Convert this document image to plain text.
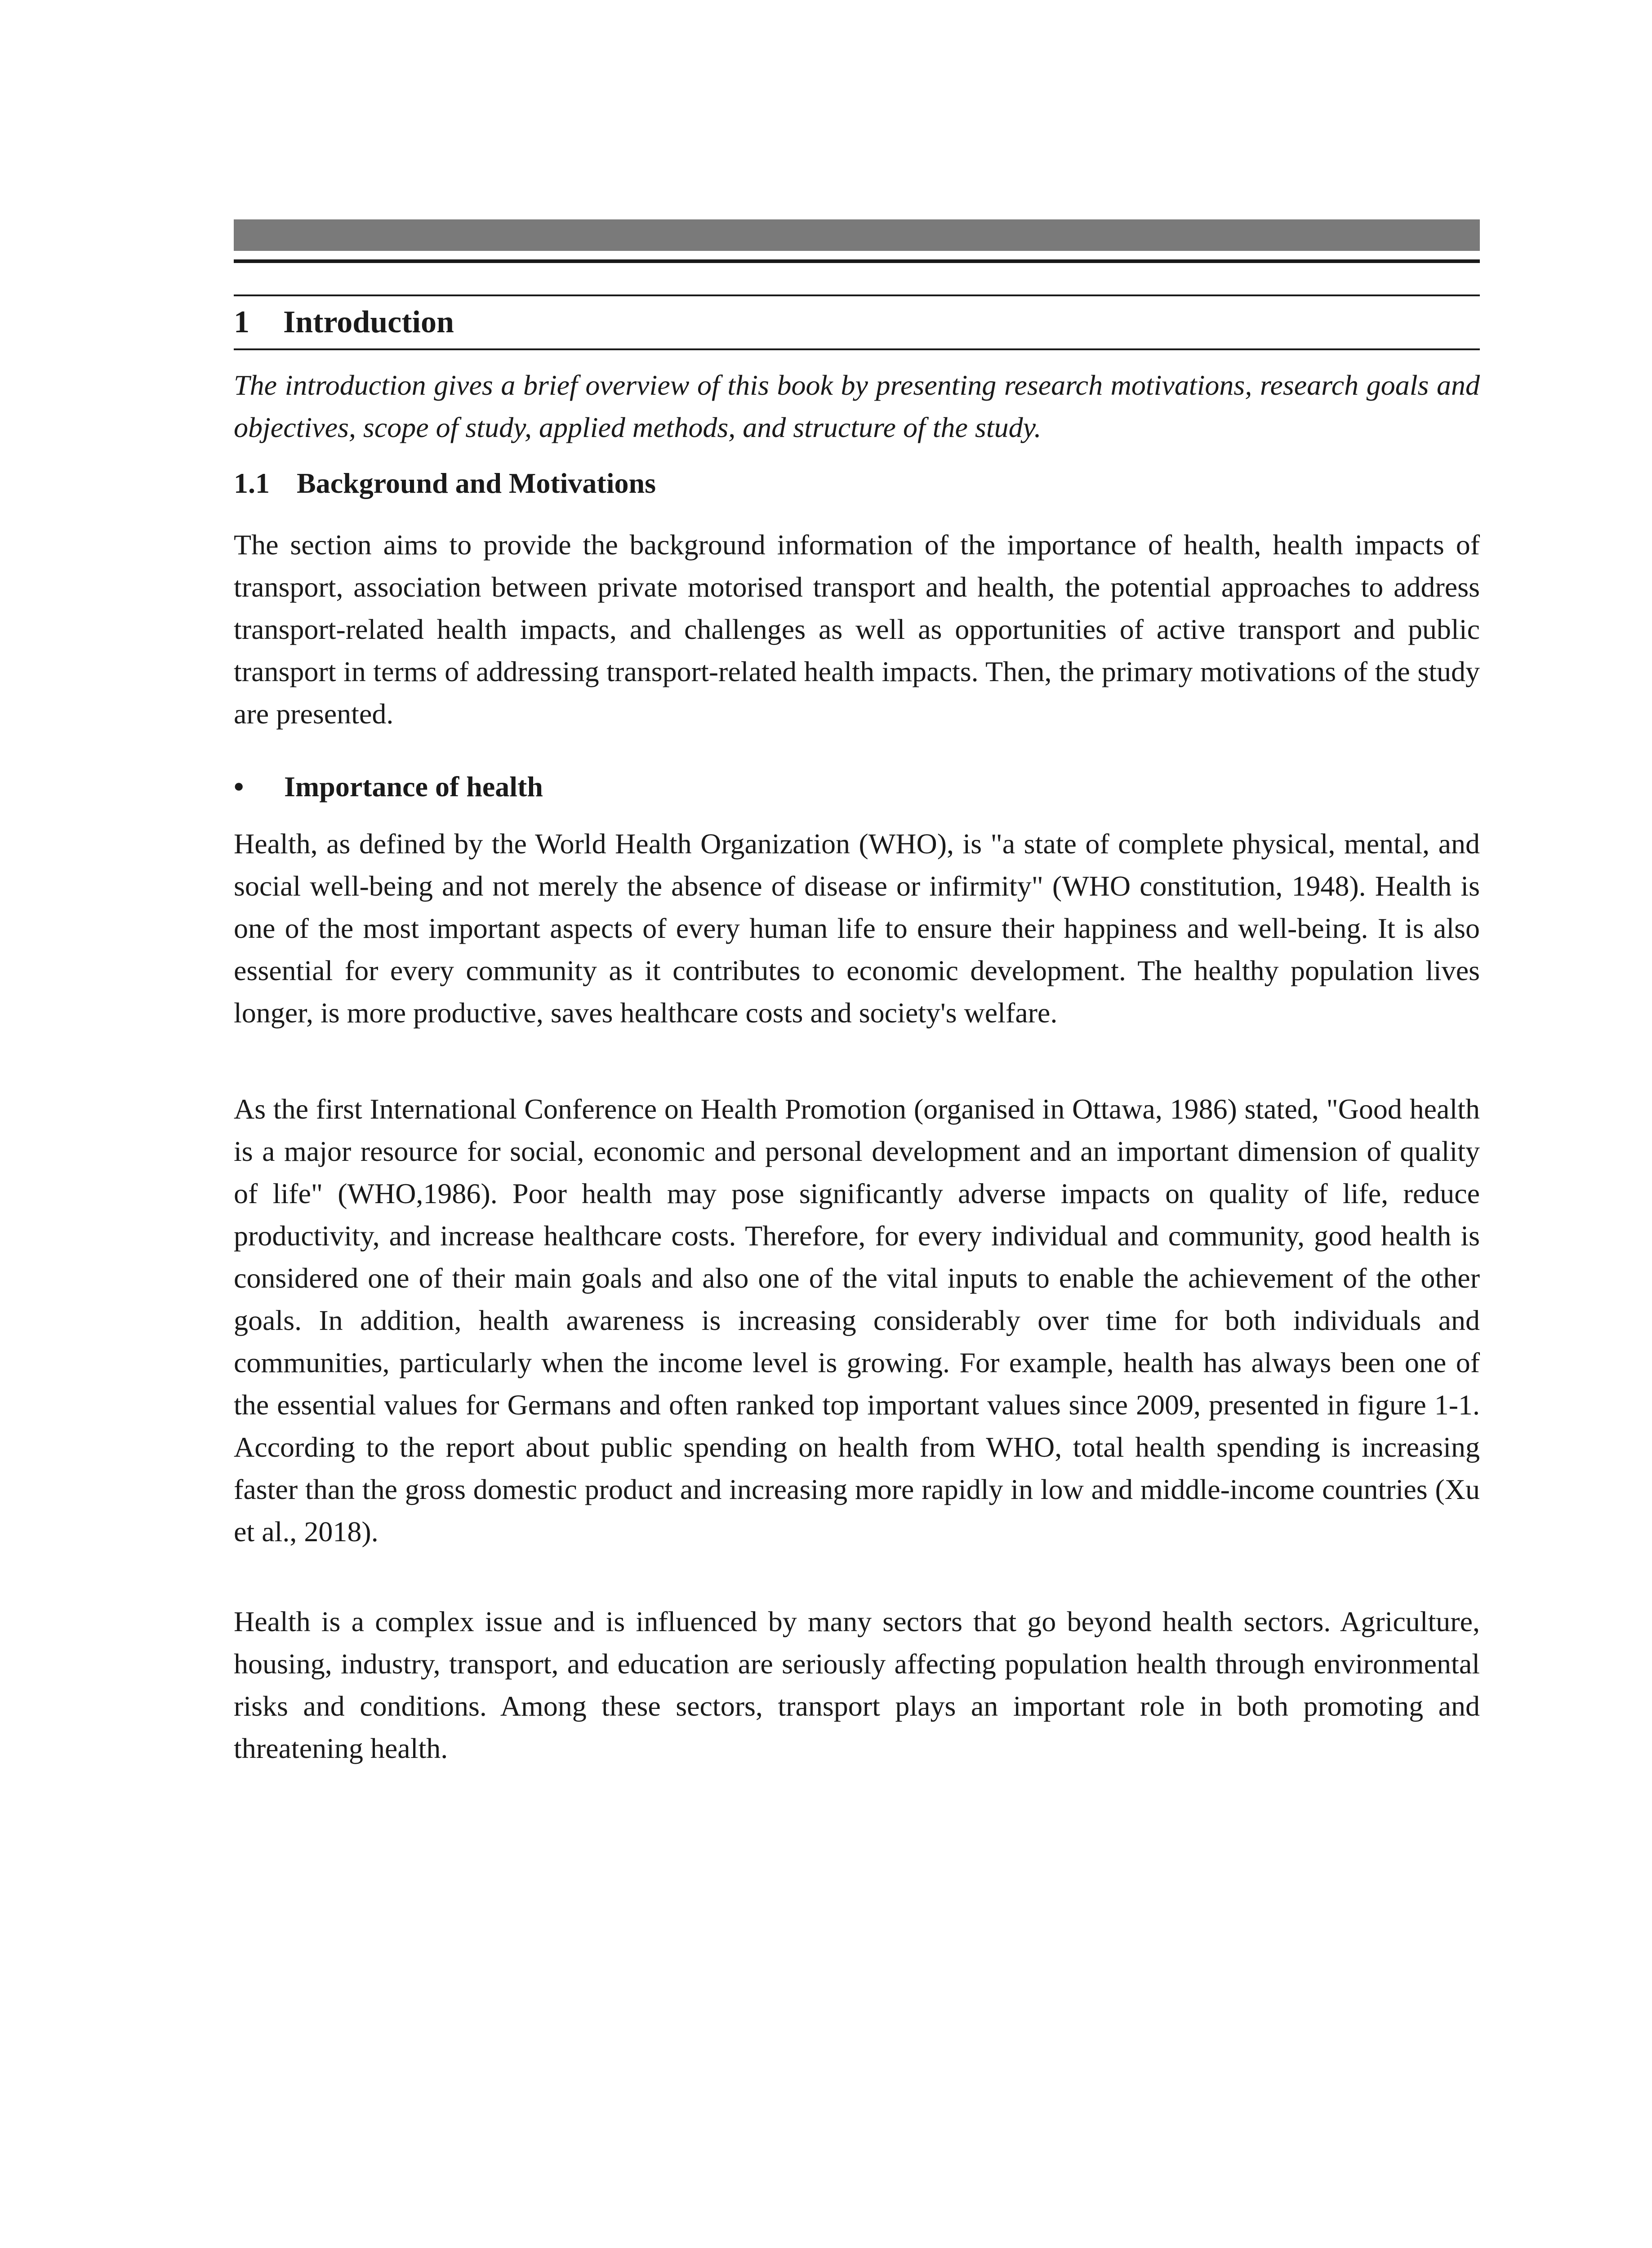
1 Introduction

The introduction gives a brief overview of this book by presenting research motivations, research goals and objectives, scope of study, applied methods, and structure of the study.

1.1 Background and Motivations

The section aims to provide the background information of the importance of health, health impacts of transport, association between private motorised transport and health, the potential approaches to address transport-related health impacts, and challenges as well as opportunities of active transport and public transport in terms of addressing transport-related health impacts. Then, the primary motivations of the study are presented.

• Importance of health

Health, as defined by the World Health Organization (WHO), is "a state of complete physical, mental, and social well-being and not merely the absence of disease or infirmity" (WHO constitution, 1948). Health is one of the most important aspects of every human life to ensure their happiness and well-being. It is also essential for every community as it contributes to economic development. The healthy population lives longer, is more productive, saves healthcare costs and society's welfare.

As the first International Conference on Health Promotion (organised in Ottawa, 1986) stated, "Good health is a major resource for social, economic and personal development and an important dimension of quality of life" (WHO,1986). Poor health may pose significantly adverse impacts on quality of life, reduce productivity, and increase healthcare costs. Therefore, for every individual and community, good health is considered one of their main goals and also one of the vital inputs to enable the achievement of the other goals. In addition, health awareness is increasing considerably over time for both individuals and communities, particularly when the income level is growing. For example, health has always been one of the essential values for Germans and often ranked top important values since 2009, presented in figure 1-1. According to the report about public spending on health from WHO, total health spending is increasing faster than the gross domestic product and increasing more rapidly in low and middle-income countries (Xu et al., 2018).

Health is a complex issue and is influenced by many sectors that go beyond health sectors. Agriculture, housing, industry, transport, and education are seriously affecting population health through environmental risks and conditions. Among these sectors, transport plays an important role in both promoting and threatening health.
